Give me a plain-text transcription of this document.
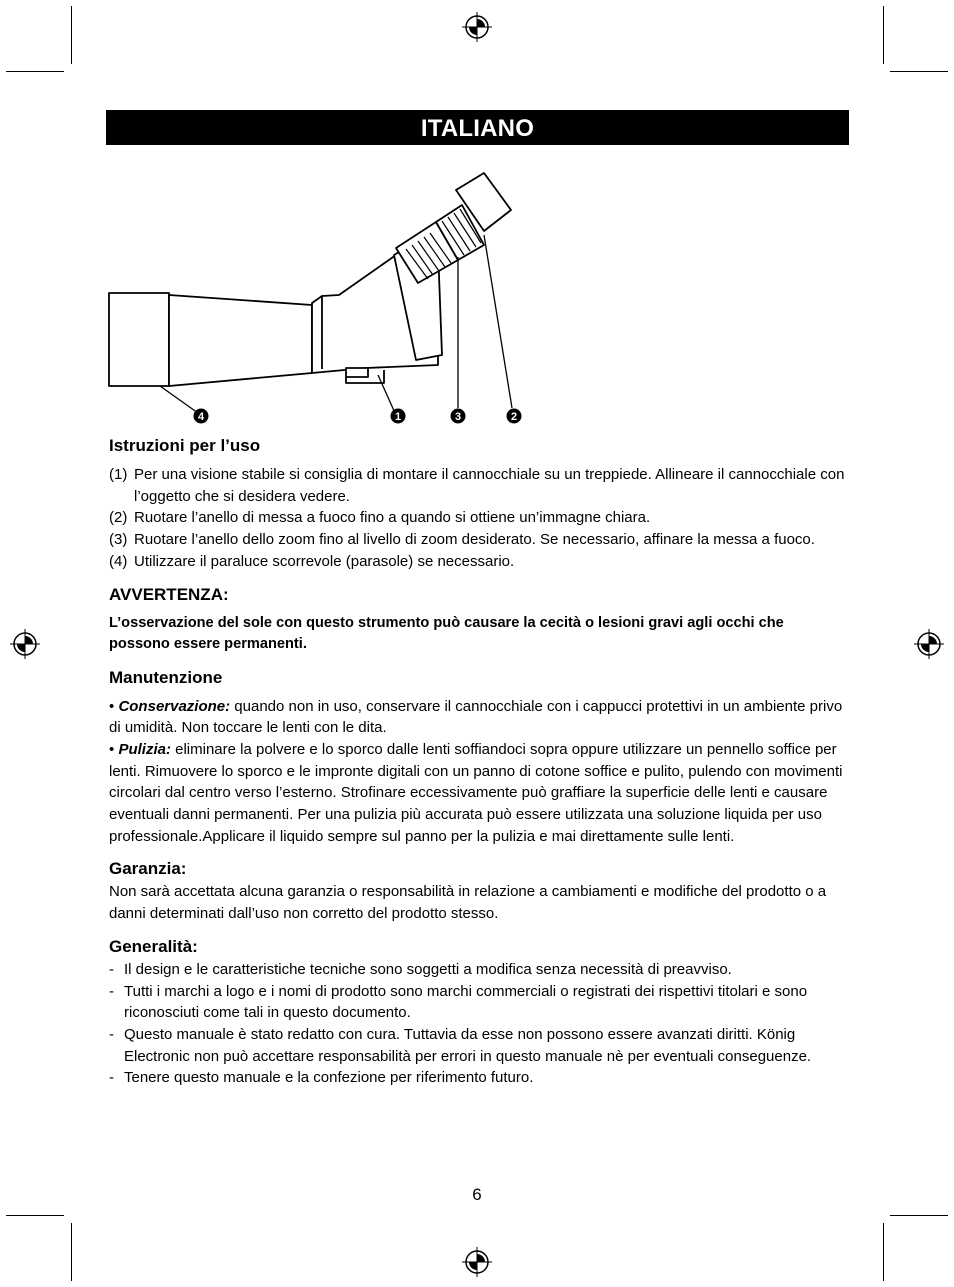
ITALIANO
4	1	3	2
Istruzioni per l’uso
(1) Per una visione stabile si consiglia di montare il cannocchiale su un treppiede. Allineare il cannocchiale con l’oggetto che si desidera vedere.
(2) Ruotare l’anello di messa a fuoco fino a quando si ottiene un’immagne chiara.
(3) Ruotare l’anello dello zoom fino al livello di zoom desiderato. Se necessario, affinare la messa a fuoco.
(4) Utilizzare il paraluce scorrevole (parasole) se necessario.
AVVERTENZA:

L’osservazione del sole con questo strumento può causare la cecità o lesioni gravi agli occhi che possono essere permanenti.

Manutenzione

• Conservazione: quando non in uso, conservare il cannocchiale con i cappucci protettivi in un ambiente privo di umidità. Non toccare le lenti con le dita.

• Pulizia: eliminare la polvere e lo sporco dalle lenti soffiandoci sopra oppure utilizzare un pennello soffice per lenti. Rimuovere lo sporco e le impronte digitali con un panno di cotone soffice e pulito, pulendo con movimenti circolari dal centro verso l’esterno. Strofinare eccessivamente può graffiare la superficie delle lenti e causare eventuali danni permanenti. Per una pulizia più accurata può essere utilizzata una soluzione liquida per uso professionale.Applicare il liquido sempre sul panno per la pulizia e mai direttamente sulle lenti.

Garanzia:

Non sarà accettata alcuna garanzia o responsabilità in relazione a cambiamenti e modifiche del prodotto o a danni determinati dall’uso non corretto del prodotto stesso.

Generalità:
- Il design e le caratteristiche tecniche sono soggetti a modifica senza necessità di preavviso.
- Tutti i marchi a logo e i nomi di prodotto sono marchi commerciali o registrati dei rispettivi titolari e sono riconosciuti come tali in questo documento.
- Questo manuale è stato redatto con cura. Tuttavia da esse non possono essere avanzati diritti. König Electronic non può accettare responsabilità per errori in questo manuale nè per eventuali conseguenze.
- Tenere questo manuale e la confezione per riferimento futuro.
6
